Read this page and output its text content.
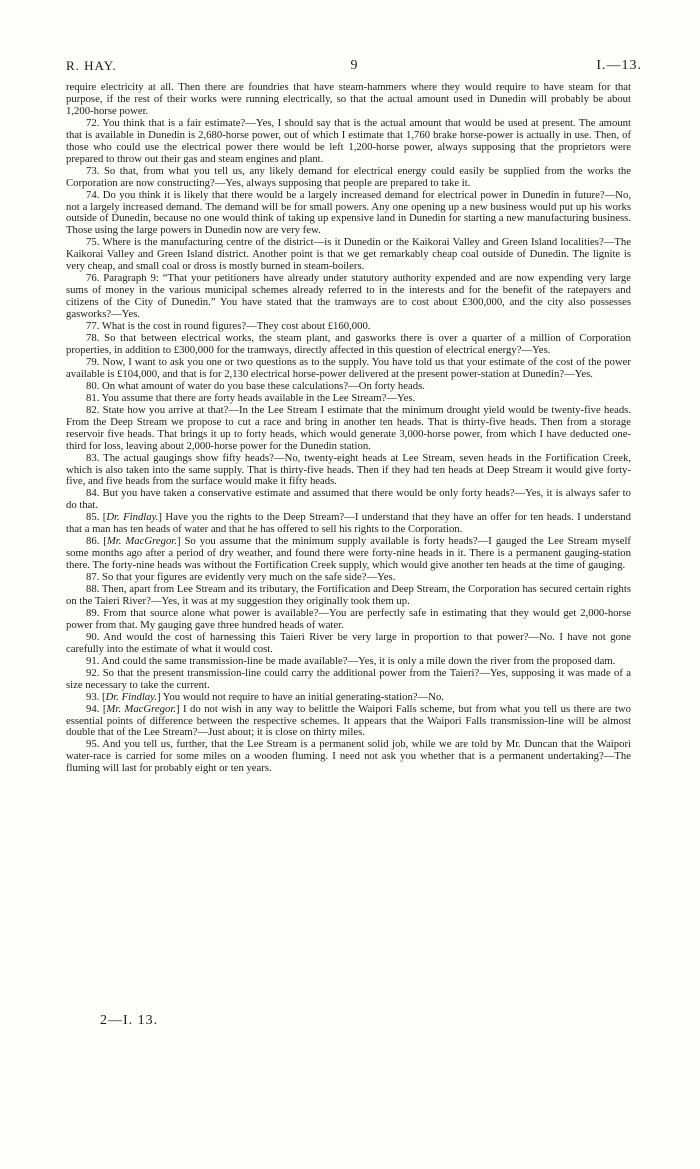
R. HAY.	9	I.—13.

require electricity at all. Then there are foundries that have steam-hammers where they would require to have steam for that purpose, if the rest of their works were running electrically, so that the actual amount used in Dunedin will probably be about 1,200-horse power.

72. You think that is a fair estimate?—Yes, I should say that is the actual amount that would be used at present. The amount that is available in Dunedin is 2,680-horse power, out of which I estimate that 1,760 brake horse-power is actually in use. Then, of those who could use the electrical power there would be left 1,200-horse power, always supposing that the proprietors were prepared to throw out their gas and steam engines and plant.

73. So that, from what you tell us, any likely demand for electrical energy could easily be supplied from the works the Corporation are now constructing?—Yes, always supposing that people are prepared to take it.

74. Do you think it is likely that there would be a largely increased demand for electrical power in Dunedin in future?—No, not a largely increased demand. The demand will be for small powers. Any one opening up a new business would put up his works outside of Dunedin, because no one would think of taking up expensive land in Dunedin for starting a new manufacturing business. Those using the large powers in Dunedin now are very few.

75. Where is the manufacturing centre of the district—is it Dunedin or the Kaikorai Valley and Green Island localities?—The Kaikorai Valley and Green Island district. Another point is that we get remarkably cheap coal outside of Dunedin. The lignite is very cheap, and small coal or dross is mostly burned in steam-boilers.

76. Paragraph 9: “That your petitioners have already under statutory authority expended and are now expending very large sums of money in the various municipal schemes already referred to in the interests and for the benefit of the ratepayers and citizens of the City of Dunedin.” You have stated that the tramways are to cost about £300,000, and the city also possesses gasworks?—Yes.

77. What is the cost in round figures?—They cost about £160,000.

78. So that between electrical works, the steam plant, and gasworks there is over a quarter of a million of Corporation properties, in addition to £300,000 for the tramways, directly affected in this question of electrical energy?—Yes.

79. Now, I want to ask you one or two questions as to the supply. You have told us that your estimate of the cost of the power available is £104,000, and that is for 2,130 electrical horse-power delivered at the present power-station at Dunedin?—Yes.

80. On what amount of water do you base these calculations?—On forty heads.

81. You assume that there are forty heads available in the Lee Stream?—Yes.

82. State how you arrive at that?—In the Lee Stream I estimate that the minimum drought yield would be twenty-five heads. From the Deep Stream we propose to cut a race and bring in another ten heads. That is thirty-five heads. Then from a storage reservoir five heads. That brings it up to forty heads, which would generate 3,000-horse power, from which I have deducted one-third for loss, leaving about 2,000-horse power for the Dunedin station.

83. The actual gaugings show fifty heads?—No, twenty-eight heads at Lee Stream, seven heads in the Fortification Creek, which is also taken into the same supply. That is thirty-five heads. Then if they had ten heads at Deep Stream it would give forty-five, and five heads from the surface would make it fifty heads.

84. But you have taken a conservative estimate and assumed that there would be only forty heads?—Yes, it is always safer to do that.

85. [Dr. Findlay.] Have you the rights to the Deep Stream?—I understand that they have an offer for ten heads. I understand that a man has ten heads of water and that he has offered to sell his rights to the Corporation.

86. [Mr. MacGregor.] So you assume that the minimum supply available is forty heads?—I gauged the Lee Stream myself some months ago after a period of dry weather, and found there were forty-nine heads in it. There is a permanent gauging-station there. The forty-nine heads was without the Fortification Creek supply, which would give another ten heads at the time of gauging.

87. So that your figures are evidently very much on the safe side?—Yes.

88. Then, apart from Lee Stream and its tributary, the Fortification and Deep Stream, the Corporation has secured certain rights on the Taieri River?—Yes, it was at my suggestion they originally took them up.

89. From that source alone what power is available?—You are perfectly safe in estimating that they would get 2,000-horse power from that. My gauging gave three hundred heads of water.

90. And would the cost of harnessing this Taieri River be very large in proportion to that power?—No. I have not gone carefully into the estimate of what it would cost.

91. And could the same transmission-line be made available?—Yes, it is only a mile down the river from the proposed dam.

92. So that the present transmission-line could carry the additional power from the Taieri?—Yes, supposing it was made of a size necessary to take the current.

93. [Dr. Findlay.] You would not require to have an initial generating-station?—No.

94. [Mr. MacGregor.] I do not wish in any way to belittle the Waipori Falls scheme, but from what you tell us there are two essential points of difference between the respective schemes. It appears that the Waipori Falls transmission-line will be almost double that of the Lee Stream?—Just about; it is close on thirty miles.

95. And you tell us, further, that the Lee Stream is a permanent solid job, while we are told by Mr. Duncan that the Waipori water-race is carried for some miles on a wooden fluming. I need not ask you whether that is a permanent undertaking?—The fluming will last for probably eight or ten years.

2—I. 13.
